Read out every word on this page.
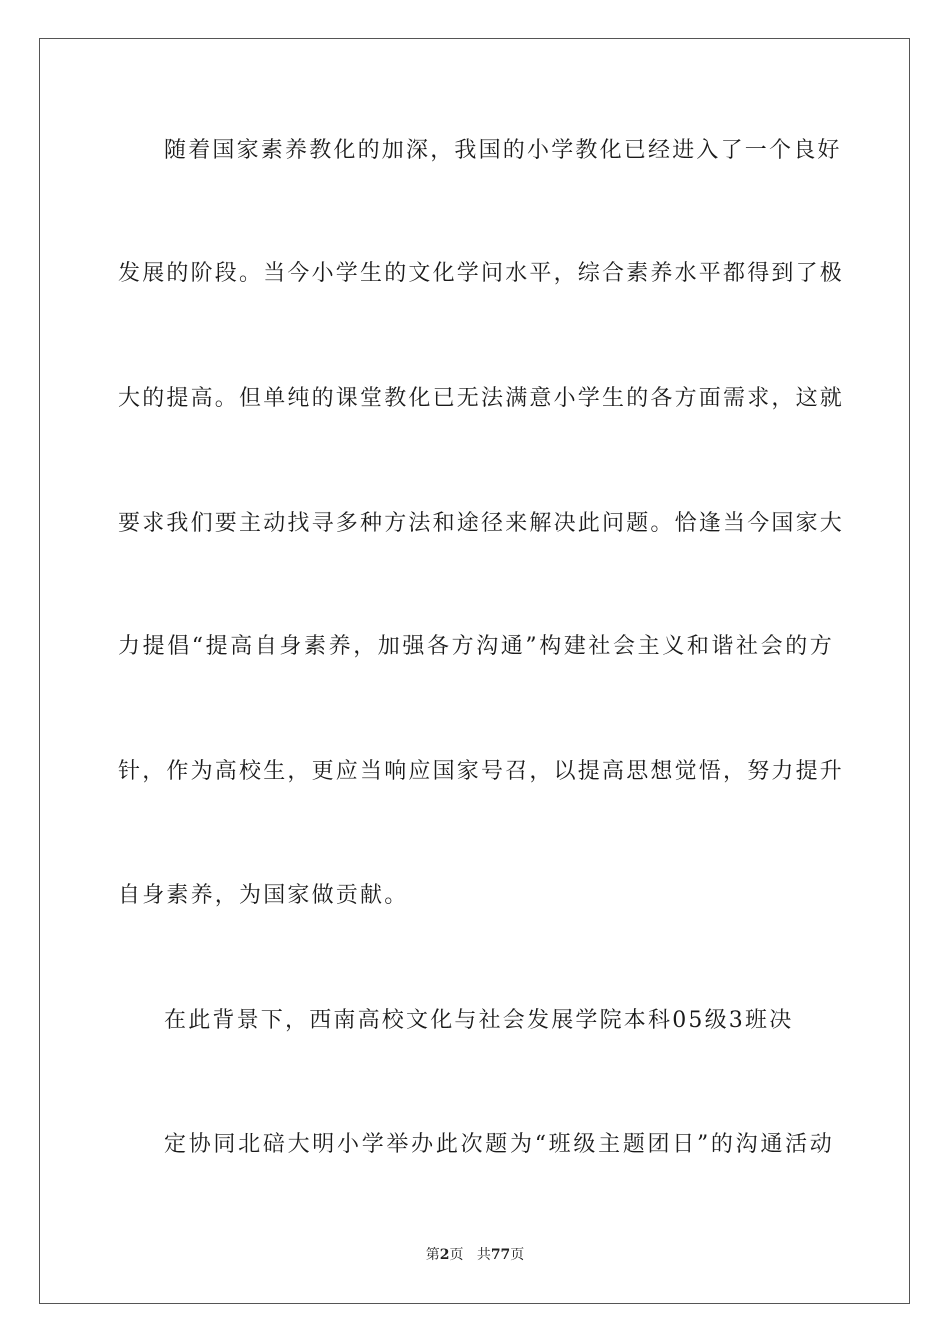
随着国家素养教化的加深，我国的小学教化已经进入了一个良好
发展的阶段。当今小学生的文化学问水平，综合素养水平都得到了极
大的提高。但单纯的课堂教化已无法满意小学生的各方面需求，这就
要求我们要主动找寻多种方法和途径来解决此问题。恰逢当今国家大
力提倡“提高自身素养，加强各方沟通”构建社会主义和谐社会的方
针，作为高校生，更应当响应国家号召，以提高思想觉悟，努力提升
自身素养，为国家做贡献。
在此背景下，西南高校文化与社会发展学院本科05级3班决
定协同北碚大明小学举办此次题为“班级主题团日”的沟通活动
第2页 共77页
